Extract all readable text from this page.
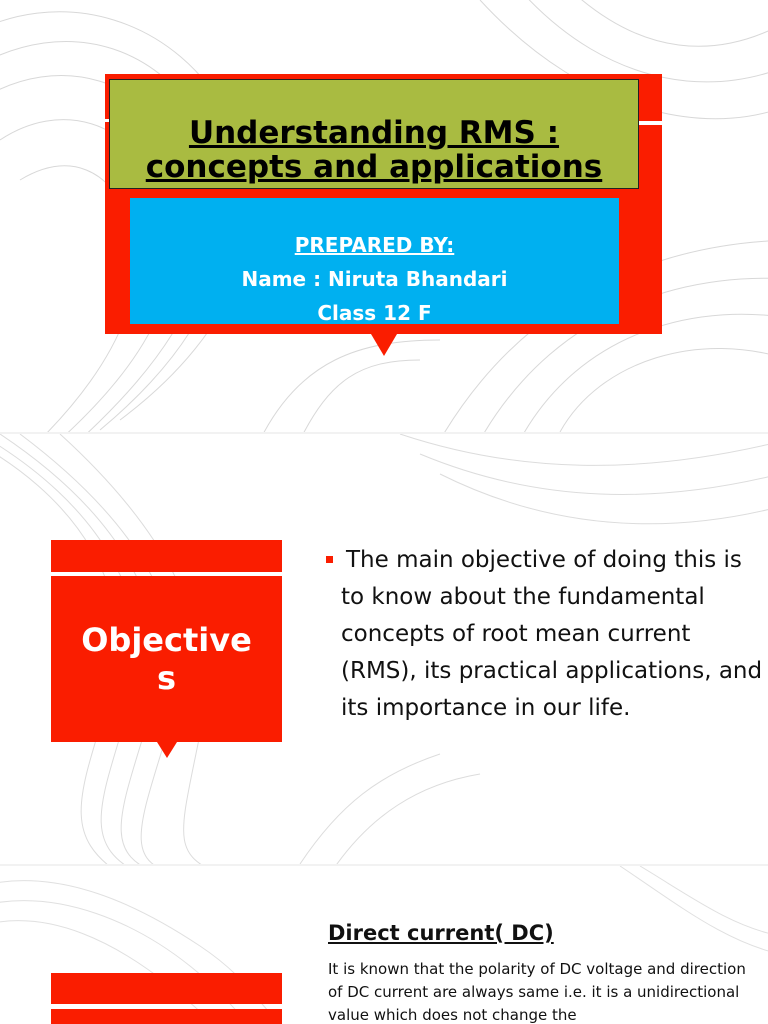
Understanding RMS :
concepts and applications
PREPARED BY:
Name : Niruta Bhandari
Class 12 F
Objectives

The main objective of doing this is to know about the fundamental concepts of root mean current (RMS), its practical applications, and its importance in our life.

Direct current( DC)
It is known that the polarity of DC voltage and direction of DC current are always same i.e. it is a unidirectional value which does not change the
